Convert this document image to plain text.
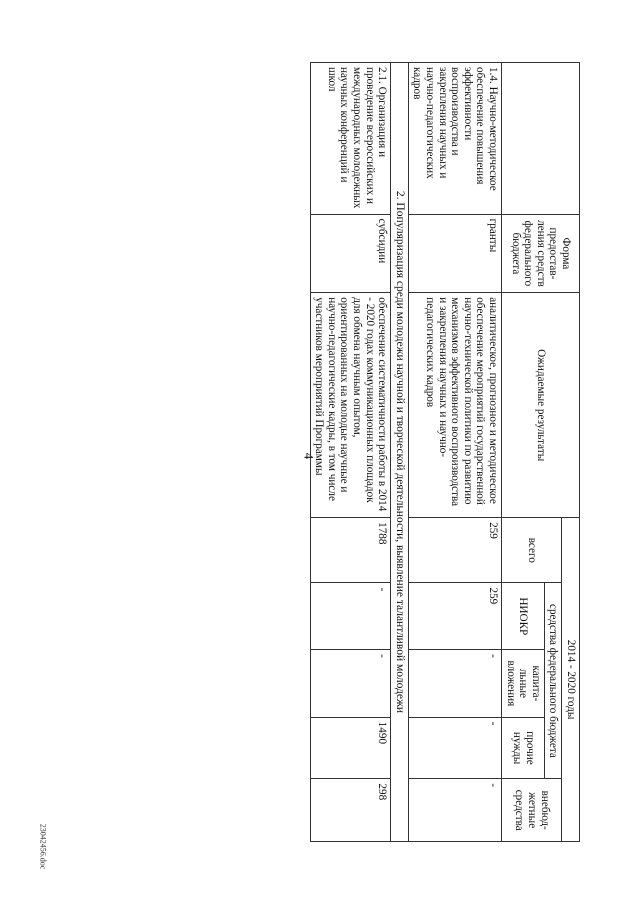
4
	Форма предостав-ления средств федерального бюджета	Ожидаемые результаты	2014 - 2020 годы				
			всего	средства федерального бюджета			внебюд-жетные средства
				НИОКР	капита-льные вложения	прочие нужды	
1.4. Научно-методическое обеспечение повышения эффективности воспроизводства и закрепления научных и научно-педагогических кадров	гранты	аналитическое, прогнозное и методическое обеспечение мероприятий государственной научно-технической политики по развитию механизмов эффективного воспроизводства и закрепления научных и научно-педагогических кадров	259	259	-	-	-
2. Популяризация среди молодежи научной и творческой деятельности, выявление талантливой молодежи							
2.1. Организация и проведение всероссийских и международных молодежных научных конференций и школ	субсидии	обеспечение систематичности работы в 2014 - 2020 годах коммуникационных площадок для обмена научным опытом, ориентированных на молодые научные и научно-педагогические кадры, в том числе участников мероприятий Программы	1788	-	-	1490	298
23042456.doc
